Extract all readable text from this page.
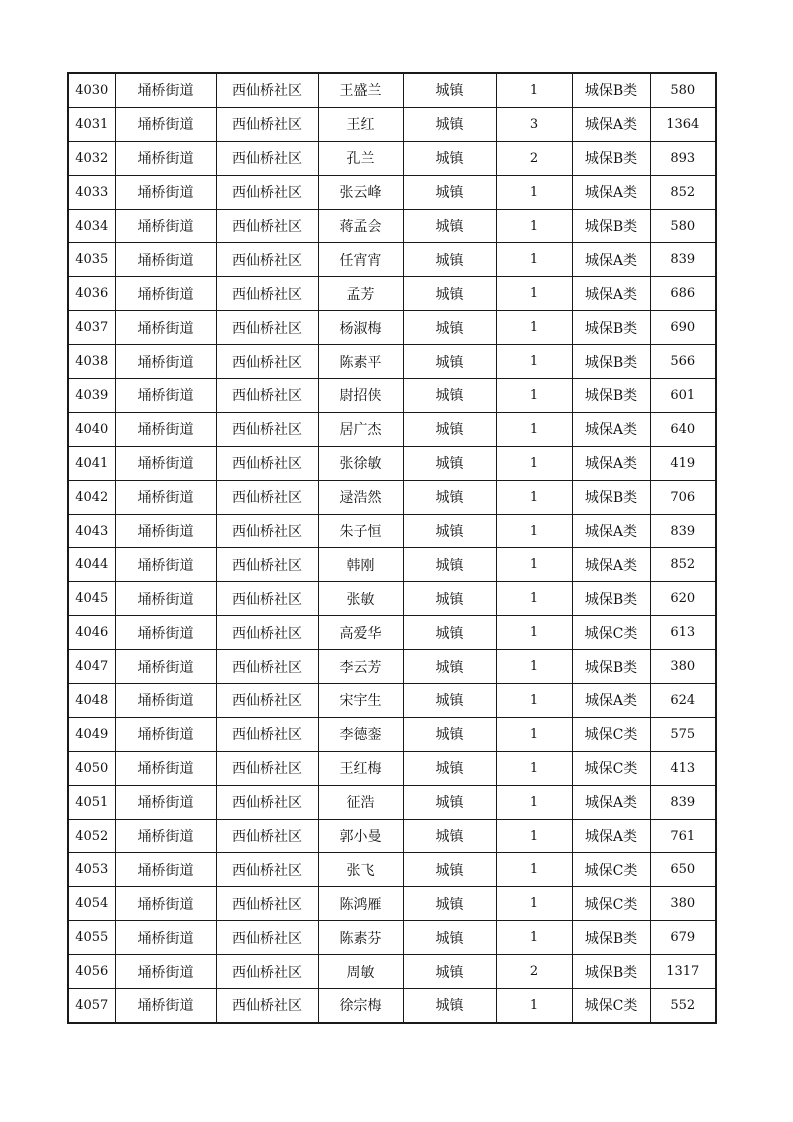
4030	埇桥街道	西仙桥社区	王盛兰	城镇	1	城保B类	580
4031	埇桥街道	西仙桥社区	王红	城镇	3	城保A类	1364
4032	埇桥街道	西仙桥社区	孔兰	城镇	2	城保B类	893
4033	埇桥街道	西仙桥社区	张云峰	城镇	1	城保A类	852
4034	埇桥街道	西仙桥社区	蒋孟会	城镇	1	城保B类	580
4035	埇桥街道	西仙桥社区	任宵宵	城镇	1	城保A类	839
4036	埇桥街道	西仙桥社区	孟芳	城镇	1	城保A类	686
4037	埇桥街道	西仙桥社区	杨淑梅	城镇	1	城保B类	690
4038	埇桥街道	西仙桥社区	陈素平	城镇	1	城保B类	566
4039	埇桥街道	西仙桥社区	尉招侠	城镇	1	城保B类	601
4040	埇桥街道	西仙桥社区	居广杰	城镇	1	城保A类	640
4041	埇桥街道	西仙桥社区	张徐敏	城镇	1	城保A类	419
4042	埇桥街道	西仙桥社区	逯浩然	城镇	1	城保B类	706
4043	埇桥街道	西仙桥社区	朱子恒	城镇	1	城保A类	839
4044	埇桥街道	西仙桥社区	韩刚	城镇	1	城保A类	852
4045	埇桥街道	西仙桥社区	张敏	城镇	1	城保B类	620
4046	埇桥街道	西仙桥社区	高爱华	城镇	1	城保C类	613
4047	埇桥街道	西仙桥社区	李云芳	城镇	1	城保B类	380
4048	埇桥街道	西仙桥社区	宋宇生	城镇	1	城保A类	624
4049	埇桥街道	西仙桥社区	李德銮	城镇	1	城保C类	575
4050	埇桥街道	西仙桥社区	王红梅	城镇	1	城保C类	413
4051	埇桥街道	西仙桥社区	征浩	城镇	1	城保A类	839
4052	埇桥街道	西仙桥社区	郭小曼	城镇	1	城保A类	761
4053	埇桥街道	西仙桥社区	张飞	城镇	1	城保C类	650
4054	埇桥街道	西仙桥社区	陈鸿雁	城镇	1	城保C类	380
4055	埇桥街道	西仙桥社区	陈素芬	城镇	1	城保B类	679
4056	埇桥街道	西仙桥社区	周敏	城镇	2	城保B类	1317
4057	埇桥街道	西仙桥社区	徐宗梅	城镇	1	城保C类	552
